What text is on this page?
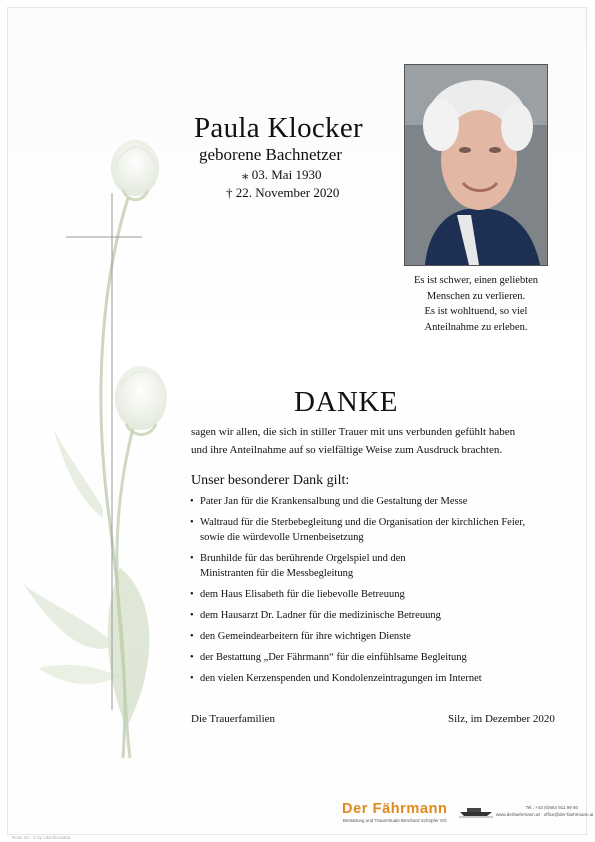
Paula Klocker
geborene Bachnetzer
⁎ 03. Mai 1930
† 22. November 2020
Es ist schwer, einen geliebten
Menschen zu verlieren.
Es ist wohltuend, so viel
Anteilnahme zu erleben.
DANKE
sagen wir allen, die sich in stiller Trauer mit uns verbunden gefühlt haben
und ihre Anteilnahme auf so vielfältige Weise zum Ausdruck brachten.
Unser besonderer Dank gilt:
• Pater Jan für die Krankensalbung und die Gestaltung der Messe
• Waltraud für die Sterbebegleitung und die Organisation der kirchlichen Feier,
sowie die würdevolle Urnenbeisetzung
• Brunhilde für das berührende Orgelspiel und den
Ministranten für die Messbegleitung
• dem Haus Elisabeth für die liebevolle Betreuung
• dem Hausarzt Dr. Ladner für die medizinische Betreuung
• den Gemeindearbeitern für ihre wichtigen Dienste
• der Bestattung „Der Fährmann“ für die einfühlsame Begleitung
• den vielen Kerzenspenden und Kondolenzeintragungen im Internet
Die Trauerfamilien	Silz, im Dezember 2020
Der Fährmann
Bestattung und Trauerrituale Bernhard Schöpfer OG
Tel.: +43 (0)664 911 99 60
www.derfaehrmann.at · office@der-faehrmann.at
Rose 10 - © by LitschiAustria
